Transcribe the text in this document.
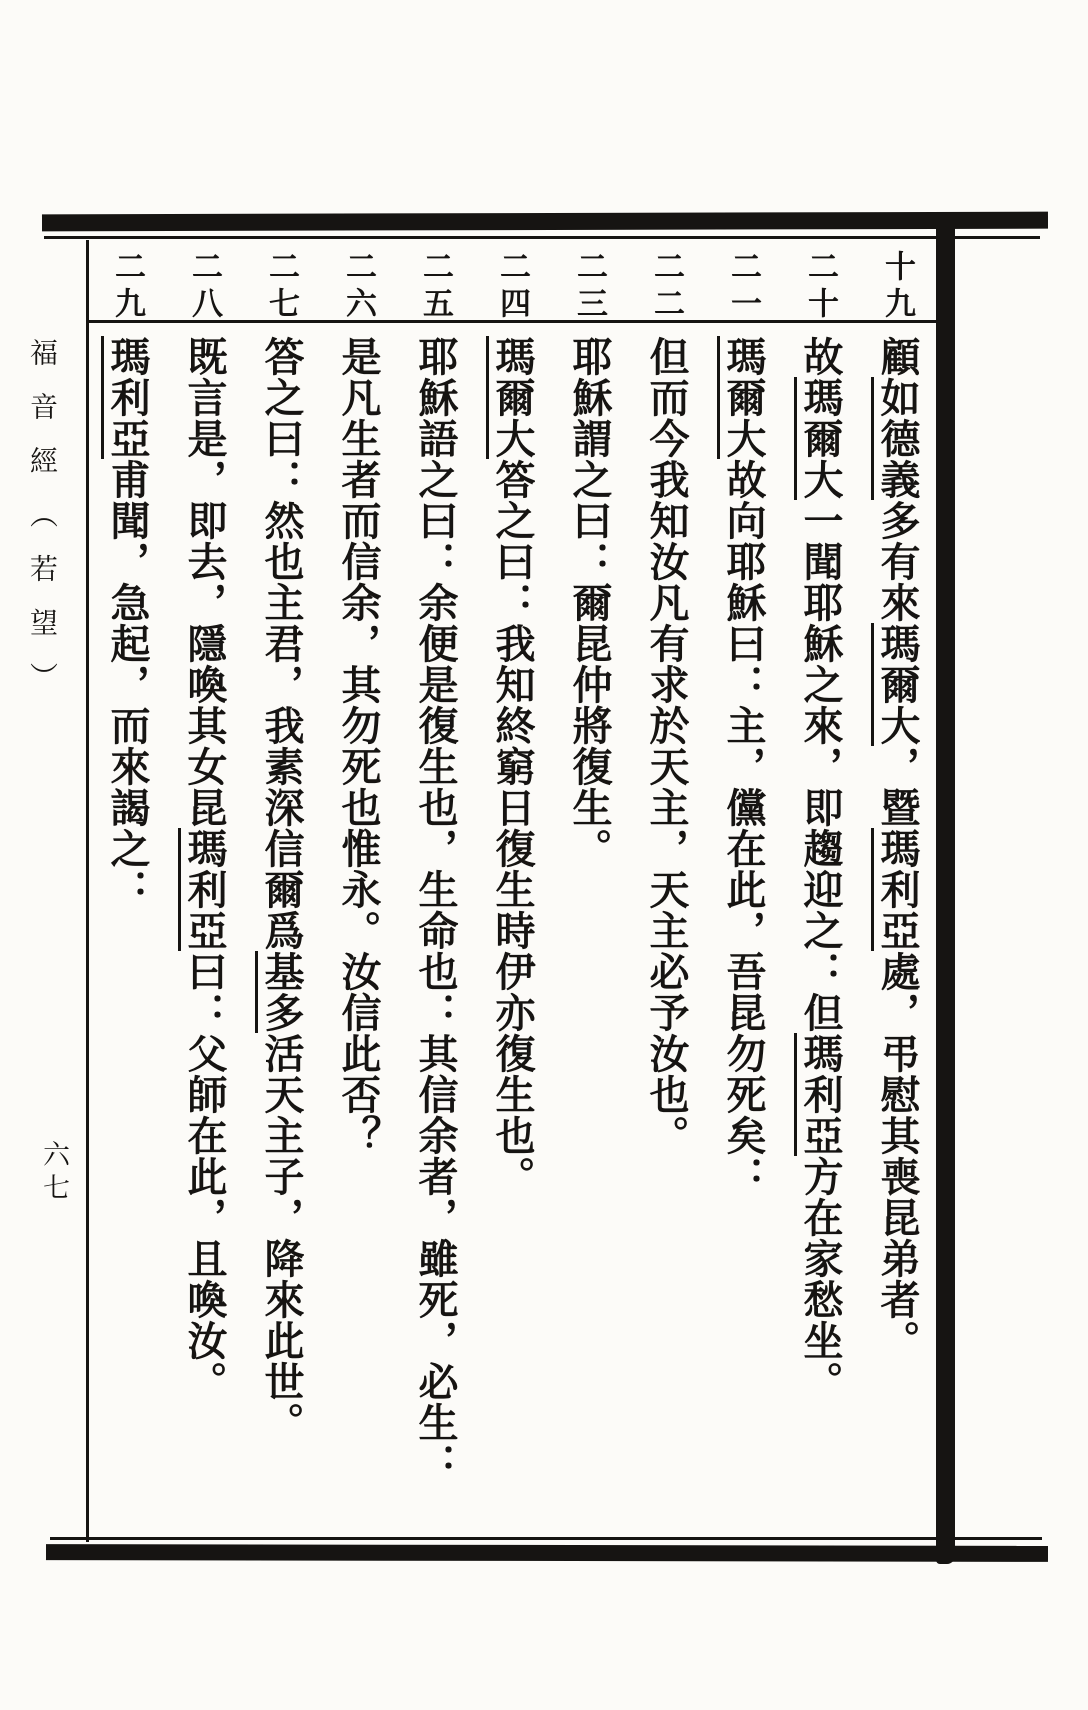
福音經（若望）
六七
十九顧如德義多有來瑪爾大，暨瑪利亞處，弔慰其喪昆弟者。
二十故瑪爾大一聞耶穌之來，即趨迎之：但瑪利亞方在家愁坐。
二一瑪爾大故向耶穌曰：主，儻在此，吾昆勿死矣：
二二但而今我知汝凡有求於天主，天主必予汝也。
二三耶穌謂之曰：爾昆仲將復生。
二四瑪爾大答之曰：我知終窮日復生時伊亦復生也。
二五耶穌語之曰：余便是復生也，生命也：其信余者，雖死，必生：
二六是凡生者而信余，其勿死也惟永。汝信此否？
二七答之曰：然也主君，我素深信爾爲基多活天主子，降來此世。
二八既言是，即去，隱喚其女昆瑪利亞曰：父師在此，且喚汝。
二九瑪利亞甫聞，急起，而來謁之：
